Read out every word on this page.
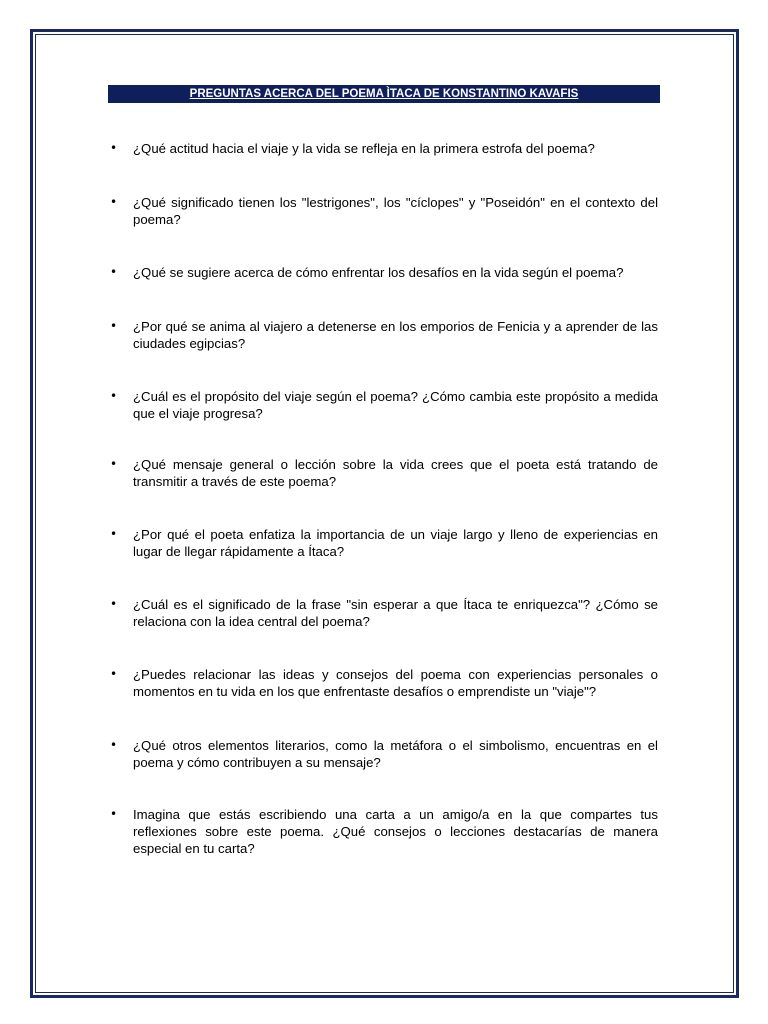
PREGUNTAS ACERCA DEL POEMA ÌTACA DE KONSTANTINO KAVAFIS
• ¿Qué actitud hacia el viaje y la vida se refleja en la primera estrofa del poema?
• ¿Qué significado tienen los "lestrigones", los "cíclopes" y "Poseidón" en el contexto del poema?
• ¿Qué se sugiere acerca de cómo enfrentar los desafíos en la vida según el poema?
• ¿Por qué se anima al viajero a detenerse en los emporios de Fenicia y a aprender de las ciudades egipcias?
• ¿Cuál es el propósito del viaje según el poema? ¿Cómo cambia este propósito a medida que el viaje progresa?
• ¿Qué mensaje general o lección sobre la vida crees que el poeta está tratando de transmitir a través de este poema?
• ¿Por qué el poeta enfatiza la importancia de un viaje largo y lleno de experiencias en lugar de llegar rápidamente a Ítaca?
• ¿Cuál es el significado de la frase "sin esperar a que Ítaca te enriquezca"? ¿Cómo se relaciona con la idea central del poema?
• ¿Puedes relacionar las ideas y consejos del poema con experiencias personales o momentos en tu vida en los que enfrentaste desafíos o emprendiste un "viaje"?
• ¿Qué otros elementos literarios, como la metáfora o el simbolismo, encuentras en el poema y cómo contribuyen a su mensaje?
• Imagina que estás escribiendo una carta a un amigo/a en la que compartes tus reflexiones sobre este poema. ¿Qué consejos o lecciones destacarías de manera especial en tu carta?
